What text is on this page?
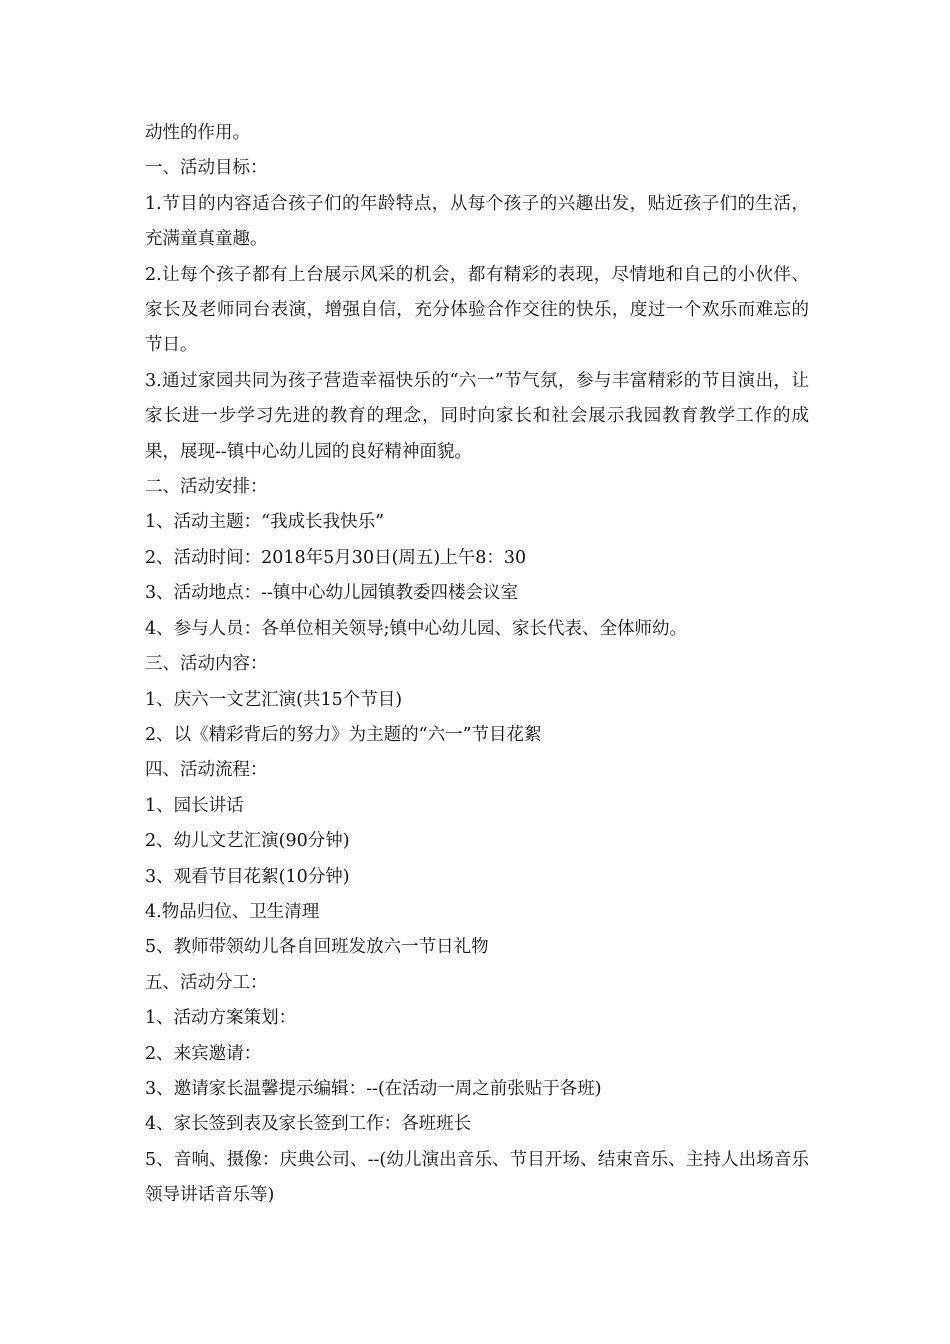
动性的作用。

一、活动目标：

1.节目的内容适合孩子们的年龄特点，从每个孩子的兴趣出发，贴近孩子们的生活，充满童真童趣。

2.让每个孩子都有上台展示风采的机会，都有精彩的表现，尽情地和自己的小伙伴、家长及老师同台表演，增强自信，充分体验合作交往的快乐，度过一个欢乐而难忘的节日。

3.通过家园共同为孩子营造幸福快乐的“六一”节气氛，参与丰富精彩的节目演出，让家长进一步学习先进的教育的理念，同时向家长和社会展示我园教育教学工作的成果，展现--镇中心幼儿园的良好精神面貌。

二、活动安排：

1、活动主题：“我成长我快乐”

2、活动时间：2018年5月30日(周五)上午8：30

3、活动地点：--镇中心幼儿园镇教委四楼会议室

4、参与人员：各单位相关领导;镇中心幼儿园、家长代表、全体师幼。

三、活动内容：

1、庆六一文艺汇演(共15个节目)

2、以《精彩背后的努力》为主题的“六一”节目花絮

四、活动流程：

1、园长讲话

2、幼儿文艺汇演(90分钟)

3、观看节目花絮(10分钟)

4.物品归位、卫生清理

5、教师带领幼儿各自回班发放六一节日礼物

五、活动分工：

1、活动方案策划：

2、来宾邀请：

3、邀请家长温馨提示编辑：--(在活动一周之前张贴于各班)

4、家长签到表及家长签到工作：各班班长

5、音响、摄像：庆典公司、--(幼儿演出音乐、节目开场、结束音乐、主持人出场音乐领导讲话音乐等)
